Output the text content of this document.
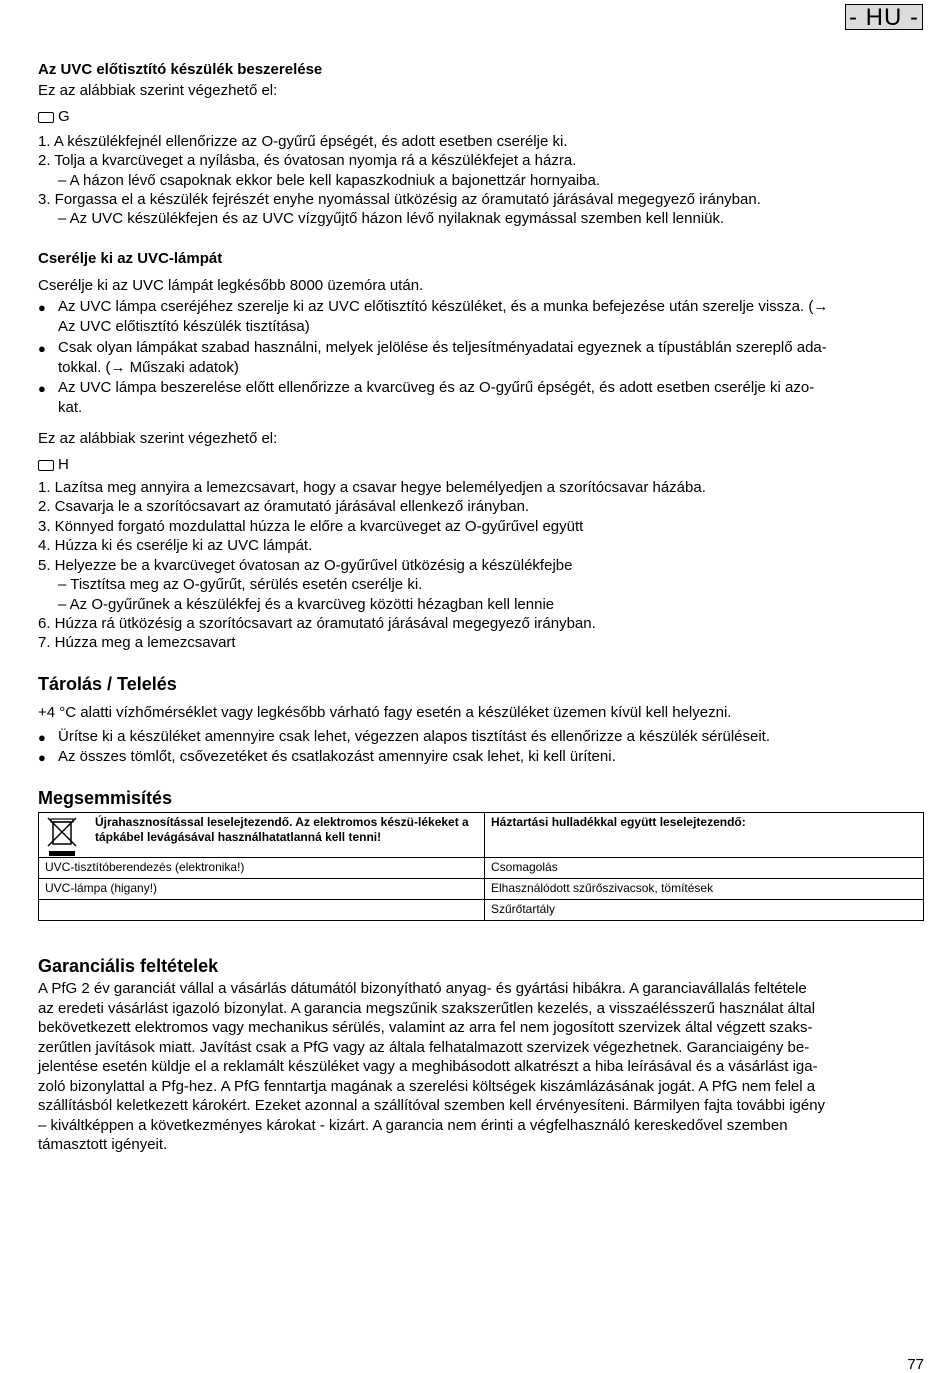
- HU -
Az UVC előtisztító készülék beszerelése
Ez az alábbiak szerint végezhető el:
G
1. A készülékfejnél ellenőrizze az O-gyűrű épségét, és adott esetben cserélje ki.
2. Tolja a kvarcüveget a nyílásba, és óvatosan nyomja rá a készülékfejet a házra.
– A házon lévő csapoknak ekkor bele kell kapaszkodniuk a bajonettzár hornyaiba.
3. Forgassa el a készülék fejrészét enyhe nyomással ütközésig az óramutató járásával megegyező irányban.
– Az UVC készülékfejen és az UVC vízgyűjtő házon lévő nyilaknak egymással szemben kell lenniük.
Cserélje ki az UVC-lámpát
Cserélje ki az UVC lámpát legkésőbb 8000 üzemóra után.
● Az UVC lámpa cseréjéhez szerelje ki az UVC előtisztító készüléket, és a munka befejezése után szerelje vissza. (→
Az UVC előtisztító készülék tisztítása)
● Csak olyan lámpákat szabad használni, melyek jelölése és teljesítményadatai egyeznek a típustáblán szereplő ada-
tokkal. (→ Műszaki adatok)
● Az UVC lámpa beszerelése előtt ellenőrizze a kvarcüveg és az O-gyűrű épségét, és adott esetben cserélje ki azo-
kat.
Ez az alábbiak szerint végezhető el:
H
1. Lazítsa meg annyira a lemezcsavart, hogy a csavar hegye belemélyedjen a szorítócsavar házába.
2. Csavarja le a szorítócsavart az óramutató járásával ellenkező irányban.
3. Könnyed forgató mozdulattal húzza le előre a kvarcüveget az O-gyűrűvel együtt
4. Húzza ki és cserélje ki az UVC lámpát.
5. Helyezze be a kvarcüveget óvatosan az O-gyűrűvel ütközésig a készülékfejbe
– Tisztítsa meg az O-gyűrűt, sérülés esetén cserélje ki.
– Az O-gyűrűnek a készülékfej és a kvarcüveg közötti hézagban kell lennie
6. Húzza rá ütközésig a szorítócsavart az óramutató járásával megegyező irányban.
7. Húzza meg a lemezcsavart
Tárolás / Telelés
+4 °C alatti vízhőmérséklet vagy legkésőbb várható fagy esetén a készüléket üzemen kívül kell helyezni.
● Ürítse ki a készüléket amennyire csak lehet, végezzen alapos tisztítást és ellenőrizze a készülék sérüléseit.
● Az összes tömlőt, csővezetéket és csatlakozást amennyire csak lehet, ki kell üríteni.
Megsemmisítés
Újrahasznosítással leselejtezendő. Az elektromos készü-lékeket a tápkábel levágásával használhatatlanná kell tenni!	Háztartási hulladékkal együtt leselejtezendő:
UVC-tisztítóberendezés (elektronika!)	Csomagolás
UVC-lámpa (higany!)	Elhasználódott szűrőszivacsok, tömítések
	Szűrőtartály
Garanciális feltételek
A PfG 2 év garanciát vállal a vásárlás dátumától bizonyítható anyag- és gyártási hibákra. A garanciavállalás feltétele
az eredeti vásárlást igazoló bizonylat. A garancia megszűnik szakszerűtlen kezelés, a visszaélésszerű használat által
bekövetkezett elektromos vagy mechanikus sérülés, valamint az arra fel nem jogosított szervizek által végzett szaks-
zerűtlen javítások miatt. Javítást csak a PfG vagy az általa felhatalmazott szervizek végezhetnek. Garanciaigény be-
jelentése esetén küldje el a reklamált készüléket vagy a meghibásodott alkatrészt a hiba leírásával és a vásárlást iga-
zoló bizonylattal a Pfg-hez. A PfG fenntartja magának a szerelési költségek kiszámlázásának jogát. A PfG nem felel a
szállításból keletkezett károkért. Ezeket azonnal a szállítóval szemben kell érvényesíteni. Bármilyen fajta további igény
– kiváltképpen a következményes károkat - kizárt. A garancia nem érinti a végfelhasználó kereskedővel szemben
támasztott igényeit.
77
